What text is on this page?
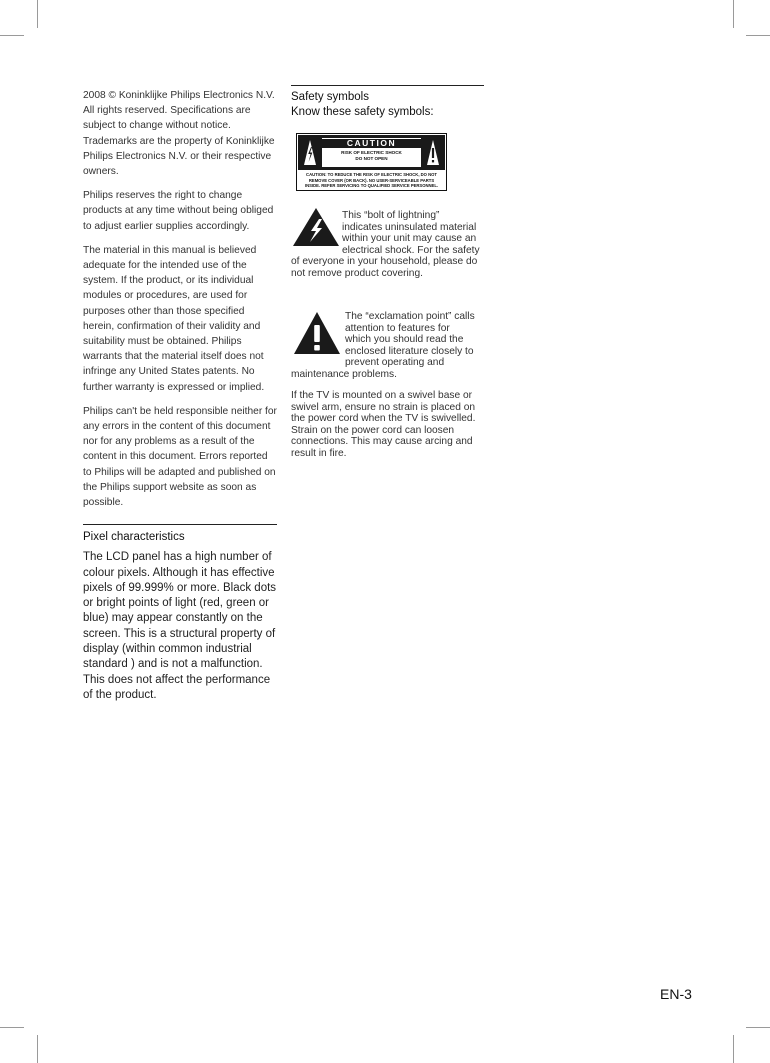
2008 © Koninklijke Philips Electronics N.V. All rights reserved. Specifications are subject to change without notice. Trademarks are the property of Koninklijke Philips Electronics N.V. or their respective owners.

Philips reserves the right to change products at any time without being obliged to adjust earlier supplies accordingly.

The material in this manual is believed adequate for the intended use of the system. If the product, or its individual modules or procedures, are used for purposes other than those specified herein, confirmation of their validity and suitability must be obtained. Philips warrants that the material itself does not infringe any United States patents. No further warranty is expressed or implied.

Philips can't be held responsible neither for any errors in the content of this document nor for any problems as a result of the content in this document. Errors reported to Philips will be adapted and published on the Philips support website as soon as possible.

Pixel characteristics

The LCD panel has a high number of colour pixels. Although it has effective pixels of 99.999% or more. Black dots or bright points of light (red, green or blue) may appear constantly on the screen. This is a structural property of display (within common industrial standard ) and is not a malfunction. This does not affect the performance of the product.

Safety symbols
Know these safety symbols:
CAUTION
RISK OF ELECTRIC SHOCK
DO NOT OPEN
CAUTION: TO REDUCE THE RISK OF ELECTRIC SHOCK, DO NOT
REMOVE COVER (OR BACK). NO USER-SERVICEABLE PARTS
INSIDE. REFER SERVICING TO QUALIFIED SERVICE PERSONNEL.
This “bolt of lightning”
indicates uninsulated material
within your unit may cause an
electrical shock. For the safety
of everyone in your household, please do
not remove product covering.
The “exclamation point” calls
attention to features for
which you should read the
enclosed literature closely to
prevent operating and
maintenance problems.

If the TV is mounted on a swivel base or swivel arm, ensure no strain is placed on the power cord when the TV is swivelled. Strain on the power cord can loosen connections. This may cause arcing and result in fire.

EN-3
